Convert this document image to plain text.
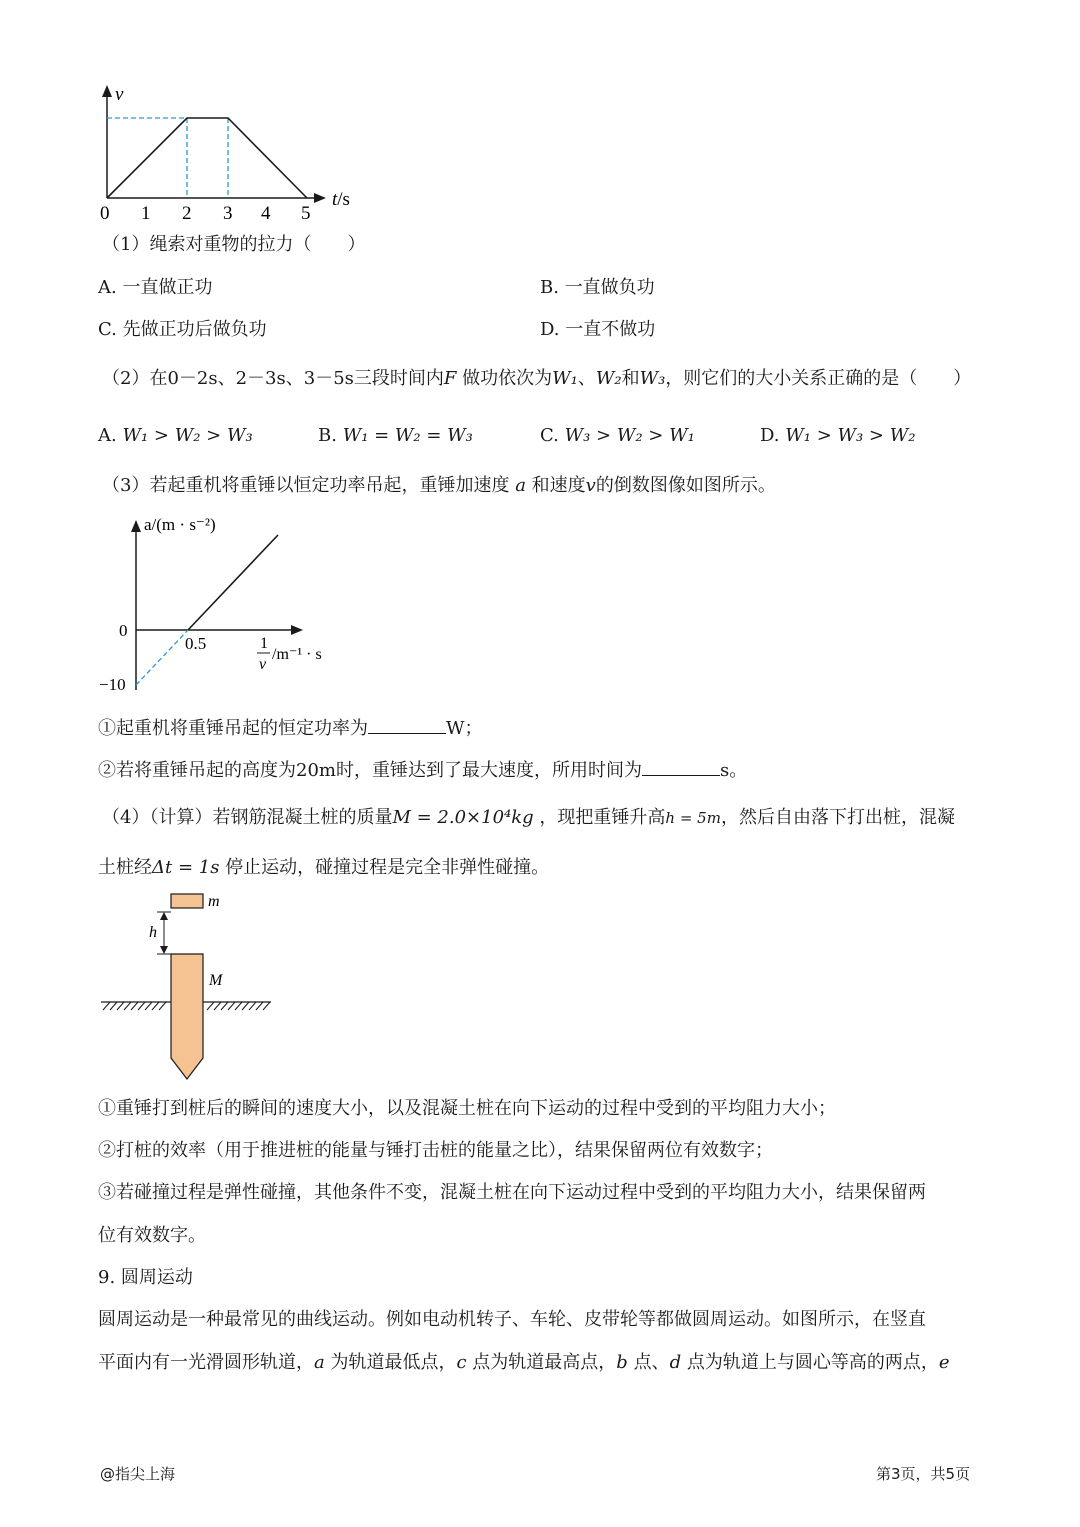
v
t/s
0 1 2 3 4 5
（1）绳索对重物的拉力（　　）
A. 一直做正功	B. 一直做负功
C. 先做正功后做负功	D. 一直不做功
（2）在0－2s、2－3s、3－5s三段时间内F 做功依次为W₁、W₂和W₃，则它们的大小关系正确的是（　　）
A. W₁ > W₂ > W₃	B. W₁ = W₂ = W₃	C. W₃ > W₂ > W₁	D. W₁ > W₃ > W₂
（3）若起重机将重锤以恒定功率吊起，重锤加速度 a 和速度v的倒数图像如图所示。
a/(m · s⁻²)
0
−10
0.5	1
v
/m⁻¹ · s
①起重机将重锤吊起的恒定功率为	W；
②若将重锤吊起的高度为20m时，重锤达到了最大速度，所用时间为	s。
（4）（计算）若钢筋混凝土桩的质量M = 2.0×10⁴kg ，现把重锤升高h = 5m，然后自由落下打出桩，混凝
土桩经Δt = 1s 停止运动，碰撞过程是完全非弹性碰撞。
m
h
M
①重锤打到桩后的瞬间的速度大小，以及混凝土桩在向下运动的过程中受到的平均阻力大小；
②打桩的效率（用于推进桩的能量与锤打击桩的能量之比），结果保留两位有效数字；
③若碰撞过程是弹性碰撞，其他条件不变，混凝土桩在向下运动过程中受到的平均阻力大小，结果保留两
位有效数字。
9. 圆周运动
圆周运动是一种最常见的曲线运动。例如电动机转子、车轮、皮带轮等都做圆周运动。如图所示，在竖直
平面内有一光滑圆形轨道，a 为轨道最低点，c 点为轨道最高点，b 点、d 点为轨道上与圆心等高的两点，e
@指尖上海	第3页，共5页
